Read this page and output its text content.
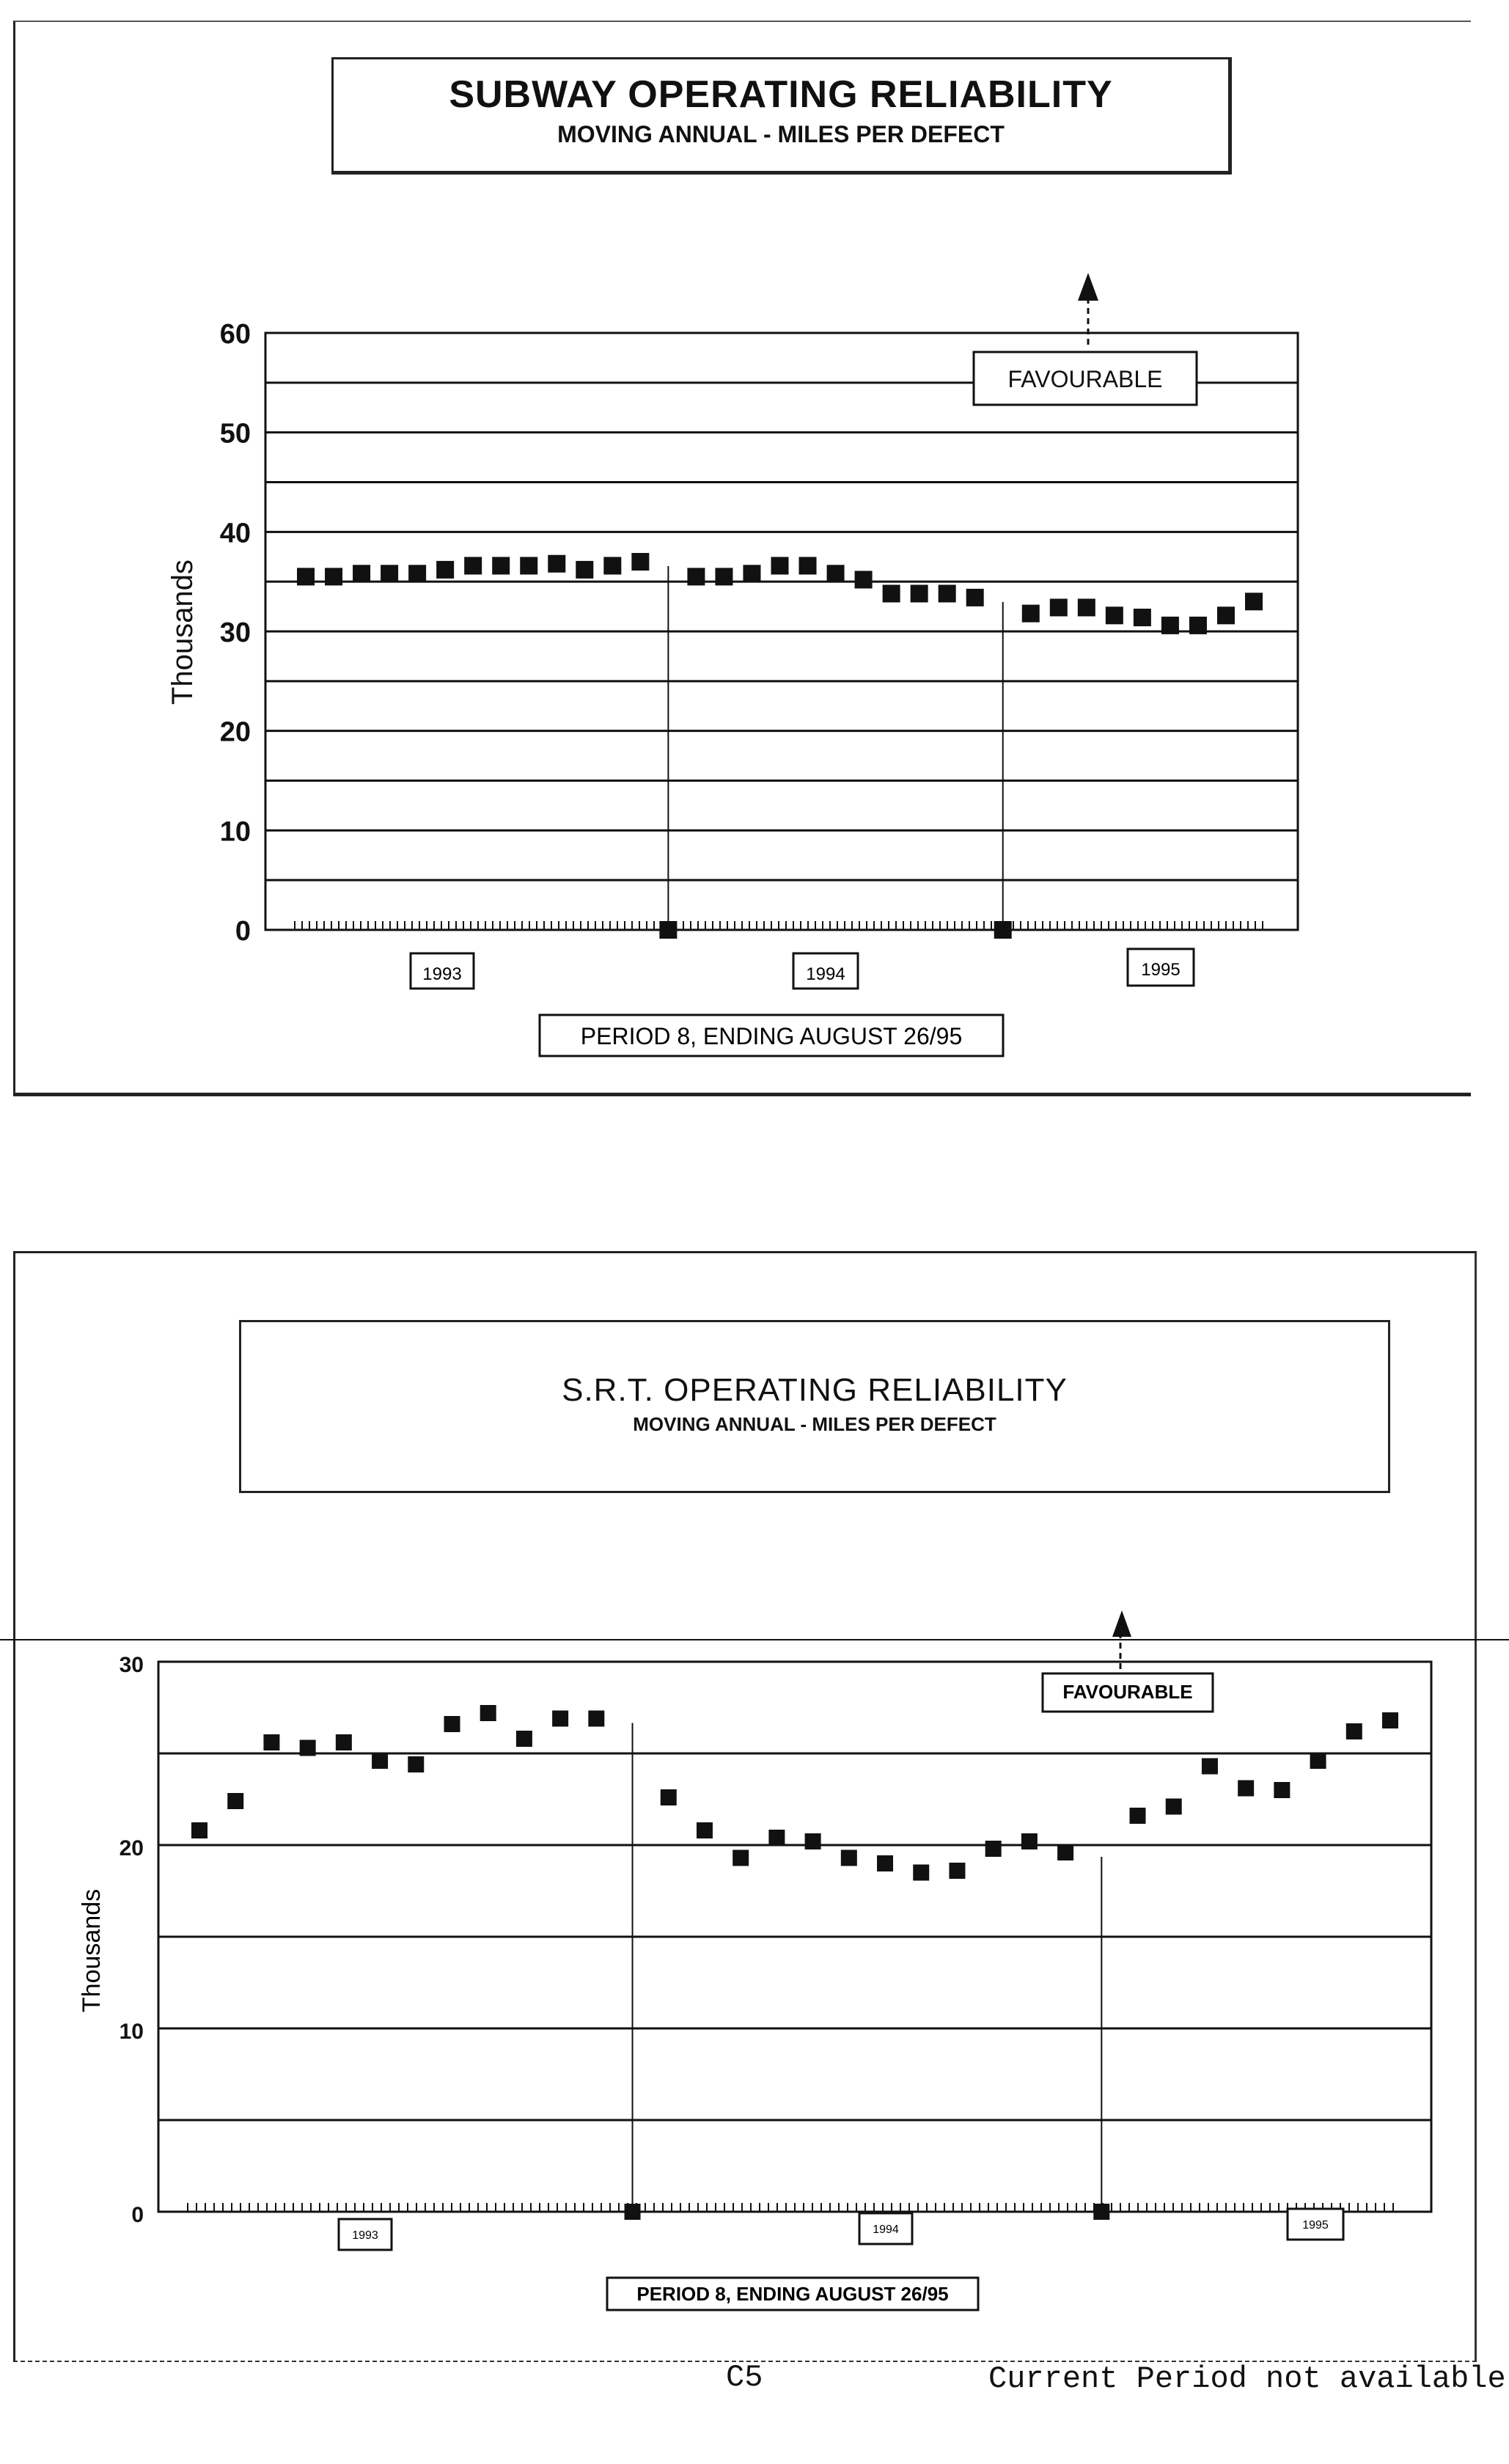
SUBWAY OPERATING RELIABILITY
MOVING ANNUAL - MILES PER DEFECT
0
10
20
30
40
50
60
FAVOURABLE
Thousands
1993	1994	1995
PERIOD 8, ENDING AUGUST 26/95
S.R.T. OPERATING RELIABILITY
MOVING ANNUAL - MILES PER DEFECT
0
10
20
30
FAVOURABLE
Thousands
1993	1994	1995
PERIOD 8, ENDING AUGUST 26/95
C5	Current Period not available
